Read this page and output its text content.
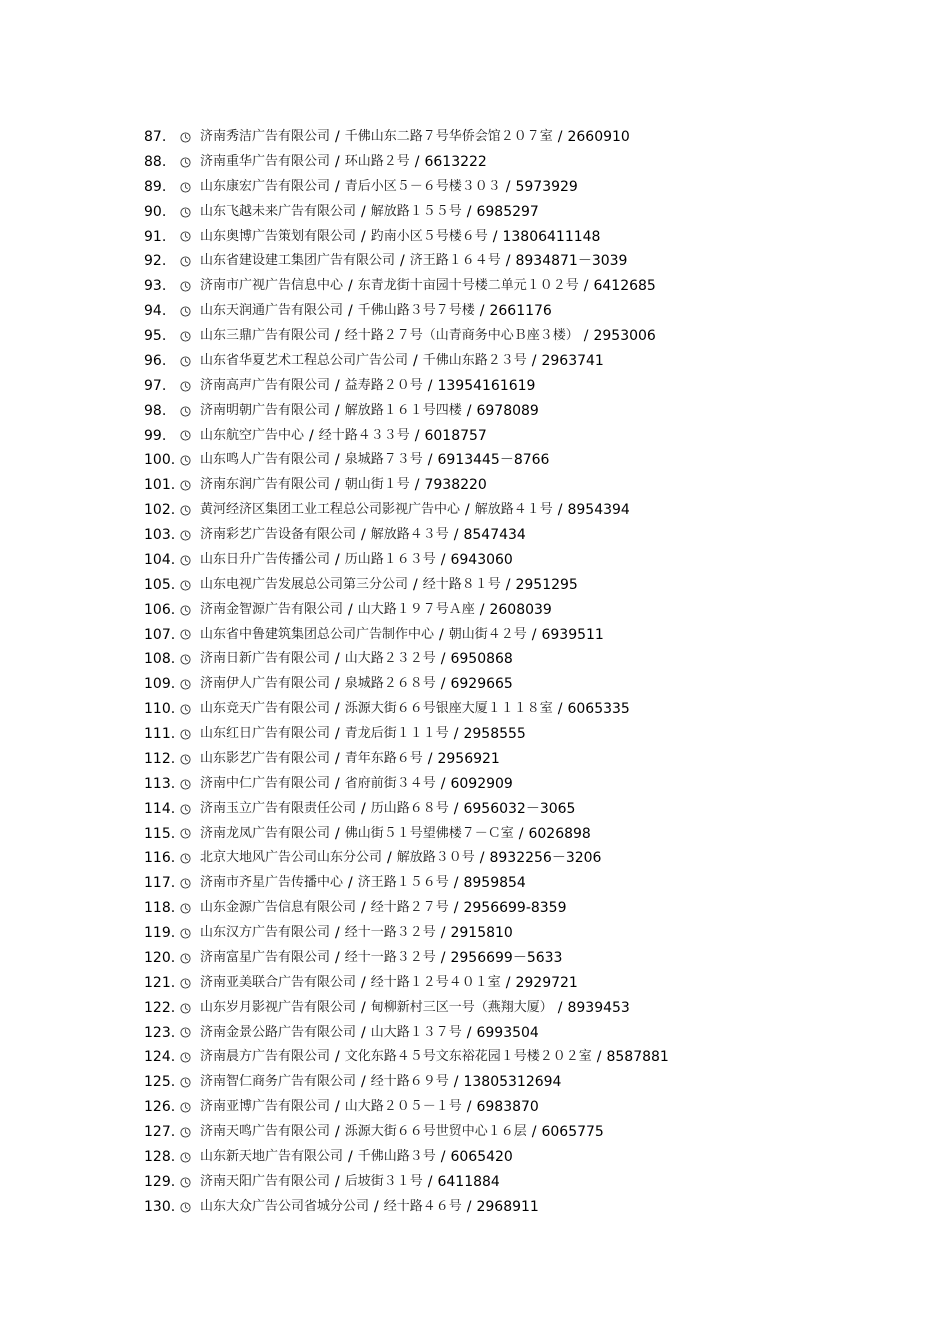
87.	济南秀洁广告有限公司 / 千佛山东二路７号华侨会馆２０７室 / 2660910
88.	济南重华广告有限公司 / 环山路２号 / 6613222
89.	山东康宏广告有限公司 / 青后小区５－６号楼３０３ / 5973929
90.	山东飞越未来广告有限公司 / 解放路１５５号 / 6985297
91.	山东奥博广告策划有限公司 / 趵南小区５号楼６号 / 13806411148
92.	山东省建设建工集团广告有限公司 / 济王路１６４号 / 8934871－3039
93.	济南市广视广告信息中心 / 东青龙街十亩园十号楼二单元１０２号 / 6412685
94.	山东天润通广告有限公司 / 千佛山路３号７号楼 / 2661176
95.	山东三鼎广告有限公司 / 经十路２７号（山青商务中心Ｂ座３楼） / 2953006
96.	山东省华夏艺术工程总公司广告公司 / 千佛山东路２３号 / 2963741
97.	济南高声广告有限公司 / 益寿路２０号 / 13954161619
98.	济南明朝广告有限公司 / 解放路１６１号四楼 / 6978089
99.	山东航空广告中心 / 经十路４３３号 / 6018757
100. 山东鸣人广告有限公司 / 泉城路７３号 / 6913445－8766
101. 济南东润广告有限公司 / 朝山街１号 / 7938220
102. 黄河经济区集团工业工程总公司影视广告中心 / 解放路４１号 / 8954394
103. 济南彩艺广告设备有限公司 / 解放路４３号 / 8547434
104. 山东日升广告传播公司 / 历山路１６３号 / 6943060
105. 山东电视广告发展总公司第三分公司 / 经十路８１号 / 2951295
106. 济南金智源广告有限公司 / 山大路１９７号Ａ座 / 2608039
107. 山东省中鲁建筑集团总公司广告制作中心 / 朝山街４２号 / 6939511
108. 济南日新广告有限公司 / 山大路２３２号 / 6950868
109. 济南伊人广告有限公司 / 泉城路２６８号 / 6929665
110. 山东竞天广告有限公司 / 泺源大街６６号银座大厦１１１８室 / 6065335
111. 山东红日广告有限公司 / 青龙后街１１１号 / 2958555
112. 山东影艺广告有限公司 / 青年东路６号 / 2956921
113. 济南中仁广告有限公司 / 省府前街３４号 / 6092909
114. 济南玉立广告有限责任公司 / 历山路６８号 / 6956032－3065
115. 济南龙凤广告有限公司 / 佛山街５１号望佛楼７－Ｃ室 / 6026898
116. 北京大地风广告公司山东分公司 / 解放路３０号 / 8932256－3206
117. 济南市齐星广告传播中心 / 济王路１５６号 / 8959854
118. 山东金源广告信息有限公司 / 经十路２７号 / 2956699-8359
119. 山东汉方广告有限公司 / 经十一路３２号 / 2915810
120. 济南富星广告有限公司 / 经十一路３２号 / 2956699－5633
121. 济南亚美联合广告有限公司 / 经十路１２号４０１室 / 2929721
122. 山东岁月影视广告有限公司 / 甸柳新村三区一号（燕翔大厦） / 8939453
123. 济南金景公路广告有限公司 / 山大路１３７号 / 6993504
124. 济南晨方广告有限公司 / 文化东路４５号文东裕花园１号楼２０２室 / 8587881
125. 济南智仁商务广告有限公司 / 经十路６９号 / 13805312694
126. 济南亚博广告有限公司 / 山大路２０５－１号 / 6983870
127. 济南天鸣广告有限公司 / 泺源大街６６号世贸中心１６层 / 6065775
128. 山东新天地广告有限公司 / 千佛山路３号 / 6065420
129. 济南天阳广告有限公司 / 后坡街３１号 / 6411884
130. 山东大众广告公司省城分公司 / 经十路４６号 / 2968911
